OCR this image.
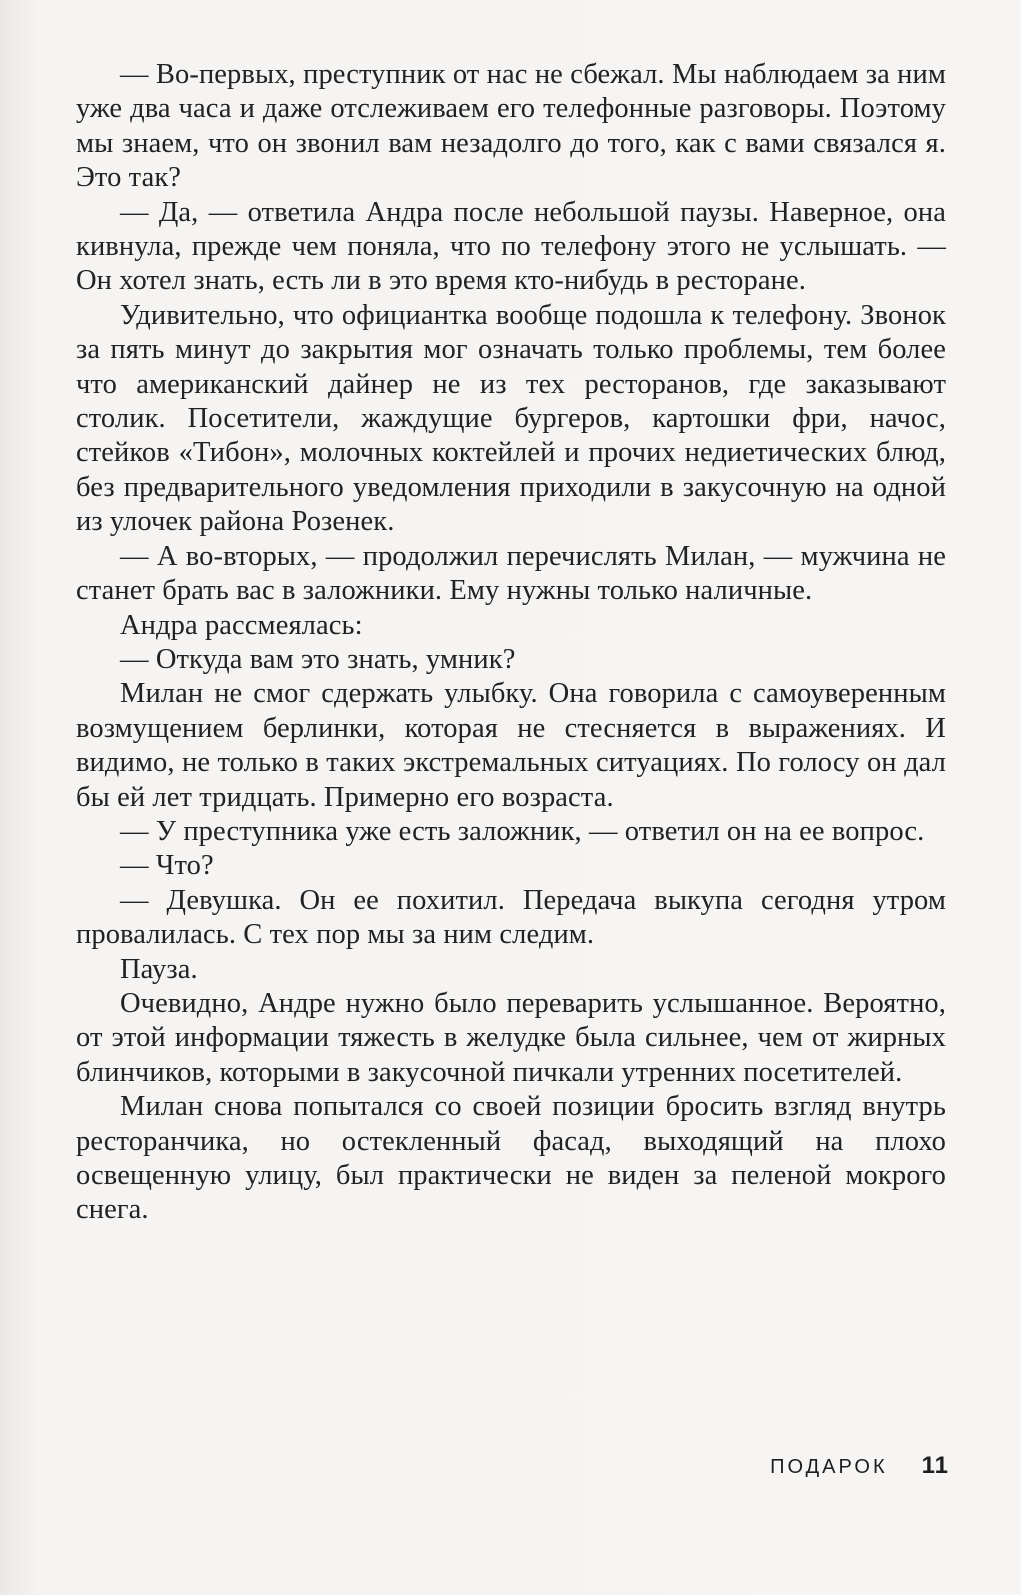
— Во-первых, преступник от нас не сбежал. Мы наблюдаем за ним уже два часа и даже отслеживаем его телефонные разговоры. Поэтому мы знаем, что он звонил вам незадолго до того, как с вами связался я. Это так?

— Да, — ответила Андра после небольшой паузы. Наверное, она кивнула, прежде чем поняла, что по телефону этого не услышать. — Он хотел знать, есть ли в это время кто-нибудь в ресторане.

Удивительно, что официантка вообще подошла к телефону. Звонок за пять минут до закрытия мог означать только проблемы, тем более что американский дайнер не из тех ресторанов, где заказывают столик. Посетители, жаждущие бургеров, картошки фри, начос, стейков «Тибон», молочных коктейлей и прочих недиетических блюд, без предварительного уведомления приходили в закусочную на одной из улочек района Розенек.

— А во-вторых, — продолжил перечислять Милан, — мужчина не станет брать вас в заложники. Ему нужны только наличные.

Андра рассмеялась:

— Откуда вам это знать, умник?

Милан не смог сдержать улыбку. Она говорила с самоуверенным возмущением берлинки, которая не стесняется в выражениях. И видимо, не только в таких экстремальных ситуациях. По голосу он дал бы ей лет тридцать. Примерно его возраста.

— У преступника уже есть заложник, — ответил он на ее вопрос.

— Что?

— Девушка. Он ее похитил. Передача выкупа сегодня утром провалилась. С тех пор мы за ним следим.

Пауза.

Очевидно, Андре нужно было переварить услышанное. Вероятно, от этой информации тяжесть в желудке была сильнее, чем от жирных блинчиков, которыми в закусочной пичкали утренних посетителей.

Милан снова попытался со своей позиции бросить взгляд внутрь ресторанчика, но остекленный фасад, выходящий на плохо освещенную улицу, был практически не виден за пеленой мокрого снега.

ПОДАРОК 11
